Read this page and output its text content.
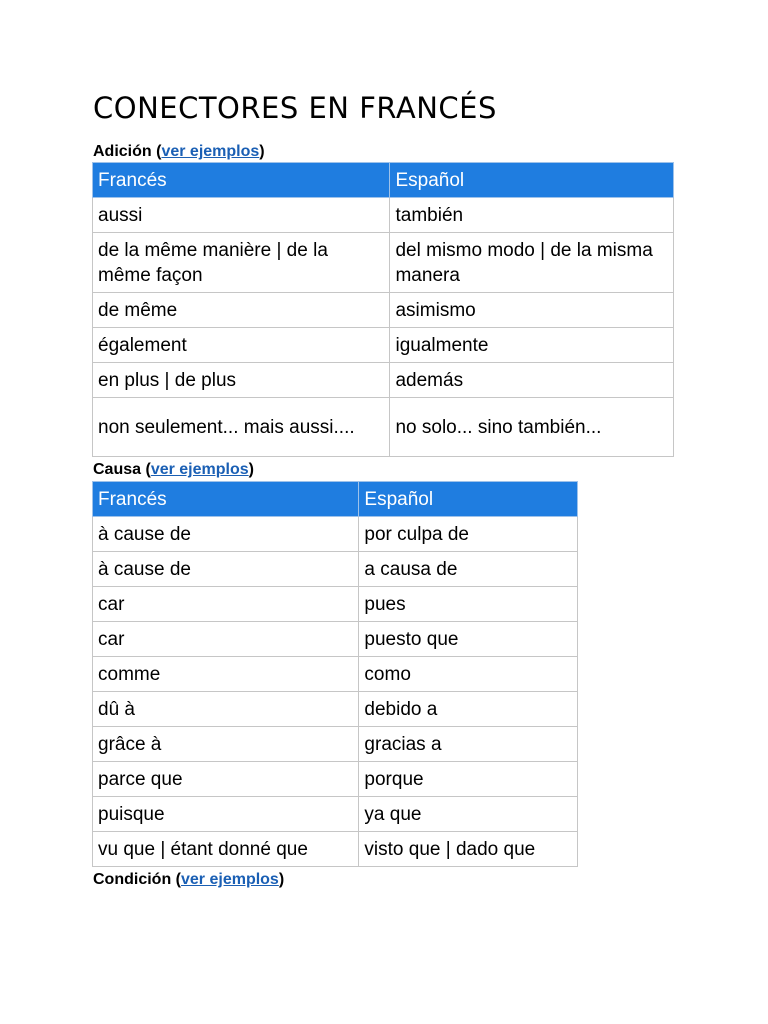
CONECTORES EN FRANCÉS

Adición (ver ejemplos)

Francés	Español
aussi	también
de la même manière | de la même façon	del mismo modo | de la misma manera
de même	asimismo
également	igualmente
en plus | de plus	además
non seulement... mais aussi....	no solo... sino también...

Causa (ver ejemplos)

Francés	Español
à cause de	por culpa de
à cause de	a causa de
car	pues
car	puesto que
comme	como
dû à	debido a
grâce à	gracias a
parce que	porque
puisque	ya que
vu que | étant donné que	visto que | dado que

Condición (ver ejemplos)
